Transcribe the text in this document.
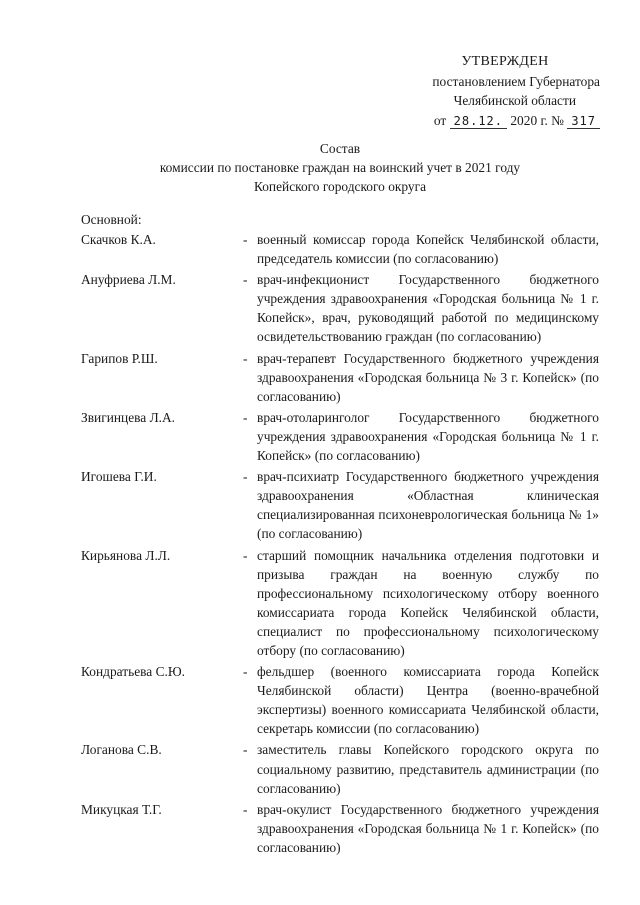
УТВЕРЖДЕН
постановлением Губернатора
Челябинской области
от 28.12. 2020 г. № 317
Состав
комиссии по постановке граждан на воинский учет в 2021 году
Копейского городского округа
Основной:
Скачков К.А.	- военный комиссар города Копейск Челябинской области, председатель комиссии (по согласованию)
Ануфриева Л.М.	- врач-инфекционист Государственного бюджетного учреждения здравоохранения «Городская больница № 1 г. Копейск», врач, руководящий работой по медицинскому освидетельствованию граждан (по согласованию)
Гарипов Р.Ш.	- врач-терапевт Государственного бюджетного учреждения здравоохранения «Городская больница № 3 г. Копейск» (по согласованию)
Звигинцева Л.А.	- врач-отоларинголог Государственного бюджетного учреждения здравоохранения «Городская больница № 1 г. Копейск» (по согласованию)
Игошева Г.И.	- врач-психиатр Государственного бюджетного учреждения здравоохранения «Областная клиническая специализированная психоневрологическая больница № 1» (по согласованию)
Кирьянова Л.Л.	- старший помощник начальника отделения подготовки и призыва граждан на военную службу по профессиональному психологическому отбору военного комиссариата города Копейск Челябинской области, специалист по профессиональному психологическому отбору (по согласованию)
Кондратьева С.Ю.	- фельдшер (военного комиссариата города Копейск Челябинской области) Центра (военно-врачебной экспертизы) военного комиссариата Челябинской области, секретарь комиссии (по согласованию)
Логанова С.В.	- заместитель главы Копейского городского округа по социальному развитию, представитель администрации (по согласованию)
Микуцкая Т.Г.	- врач-окулист Государственного бюджетного учреждения здравоохранения «Городская больница № 1 г. Копейск» (по согласованию)
